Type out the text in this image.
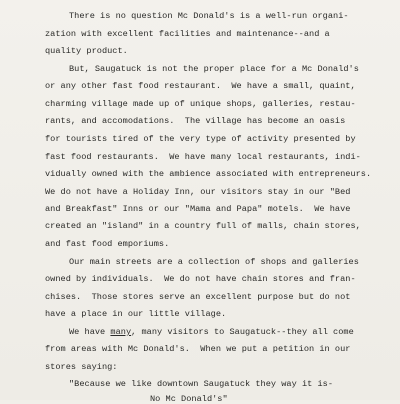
There is no question Mc Donald's is a well-run organi-
zation with excellent facilities and maintenance--and a
quality product.
But, Saugatuck is not the proper place for a Mc Donald's
or any other fast food restaurant.  We have a small, quaint,
charming village made up of unique shops, galleries, restau-
rants, and accomodations.  The village has become an oasis
for tourists tired of the very type of activity presented by
fast food restaurants.  We have many local restaurants, indi-
vidually owned with the ambience associated with entrepreneurs.
We do not have a Holiday Inn, our visitors stay in our "Bed
and Breakfast" Inns or our "Mama and Papa" motels.  We have
created an "island" in a country full of malls, chain stores,
and fast food emporiums.
Our main streets are a collection of shops and galleries
owned by individuals.  We do not have chain stores and fran-
chises.  Those stores serve an excellent purpose but do not
have a place in our little village.
We have many, many visitors to Saugatuck--they all come
from areas with Mc Donald's.  When we put a petition in our
stores saying:
"Because we like downtown Saugatuck they way it is-
No Mc Donald's"
